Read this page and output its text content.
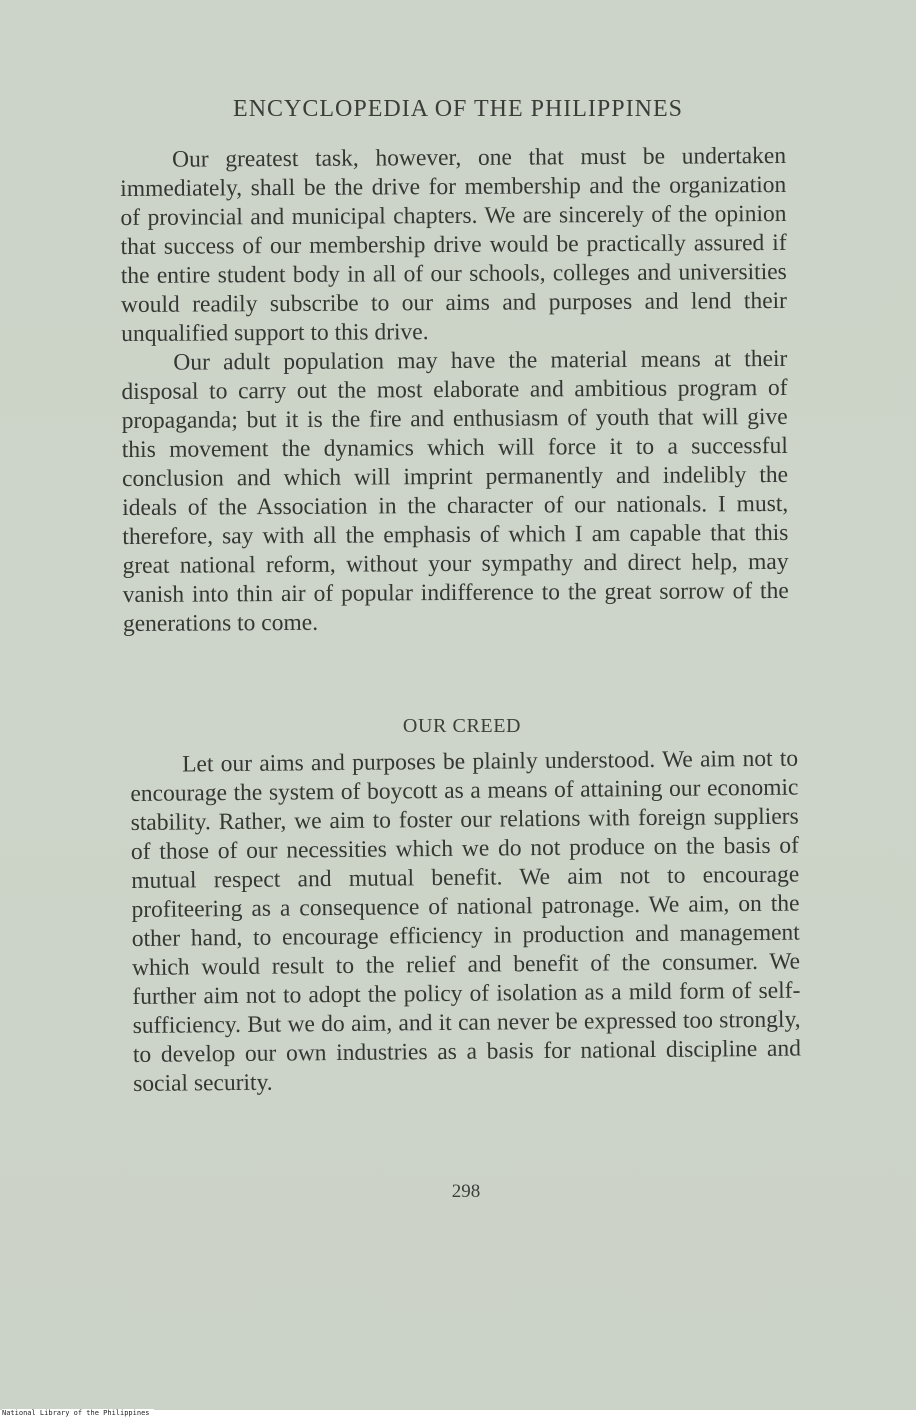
ENCYCLOPEDIA OF THE PHILIPPINES

Our greatest task, however, one that must be undertaken immediately, shall be the drive for membership and the organization of provincial and municipal chapters. We are sincerely of the opinion that success of our membership drive would be practically assured if the entire student body in all of our schools, colleges and universities would readily subscribe to our aims and purposes and lend their unqualified support to this drive.

Our adult population may have the material means at their disposal to carry out the most elaborate and ambitious program of propaganda; but it is the fire and enthusiasm of youth that will give this movement the dynamics which will force it to a successful conclusion and which will imprint permanently and indelibly the ideals of the Association in the character of our nationals. I must, therefore, say with all the emphasis of which I am capable that this great national reform, without your sympathy and direct help, may vanish into thin air of popular indifference to the great sorrow of the generations to come.

OUR CREED

Let our aims and purposes be plainly understood. We aim not to encourage the system of boycott as a means of attaining our economic stability. Rather, we aim to foster our relations with foreign suppliers of those of our necessities which we do not produce on the basis of mutual respect and mutual benefit. We aim not to encourage profiteering as a consequence of national patronage. We aim, on the other hand, to encourage efficiency in production and management which would result to the relief and benefit of the consumer. We further aim not to adopt the policy of isolation as a mild form of self-sufficiency. But we do aim, and it can never be expressed too strongly, to develop our own industries as a basis for national discipline and social security.

298
National Library of the Philippines
